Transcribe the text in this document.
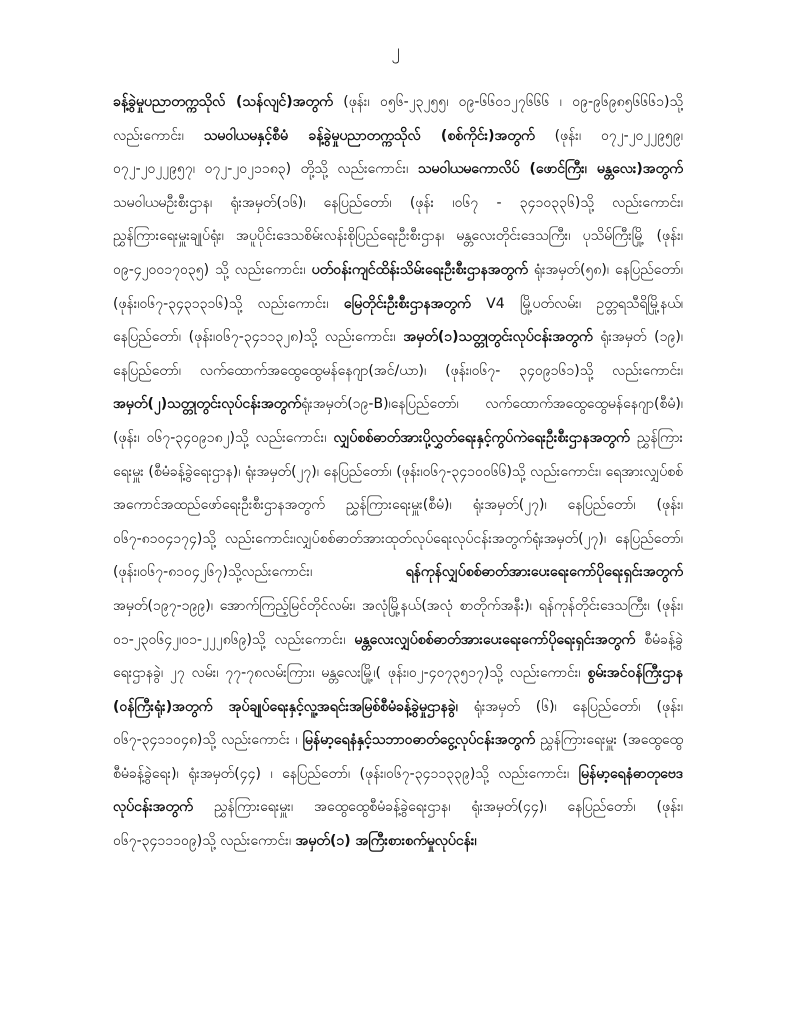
၂
ခန့်ခွဲမှုပညာတက္ကသိုလ် (သန်လျင်)အတွက် (ဖုန်း၊ ၀၅၆-၂၃၂၅၅၊ ၀၉-၆၆၀၁၂၇၆၆၆ ၊ ၀၉-၉၆၉၈၅၆၆၆၁)သို့ လည်းကောင်း၊ သမဝါယမနှင့်စီမံ ခန့်ခွဲမှုပညာတက္ကသိုလ် (စစ်ကိုင်း)အတွက် (ဖုန်း၊ ၀၇၂-၂၀၂၂၉၅၉၊ ၀၇၂-၂၀၂၂၉၅၇၊ ၀၇၂-၂၀၂၁၁၈၃) တို့သို့ လည်းကောင်း၊ သမဝါယမကောလိပ် (ဖောင်ကြီး၊ မန္တလေး)အတွက် သမဝါယမဦးစီးဌာန၊ ရုံးအမှတ်(၁၆)၊ နေပြည်တော်၊ (ဖုန်း ၊၀၆၇ - ၃၄၁၀၃၃၆)သို့ လည်းကောင်း၊ ညွှန်ကြားရေးမှူးချုပ်ရုံး၊ အပူပိုင်းဒေသစိမ်းလန်းစိုပြည်ရေးဦးစီးဌာန၊ မန္တလေးတိုင်းဒေသကြီး၊ ပုသိမ်ကြီးမြို့ (ဖုန်း၊ ၀၉-၄၂၀၀၁၇၀၃၅) သို့ လည်းကောင်း၊ ပတ်ဝန်းကျင်ထိန်းသိမ်းရေးဦးစီးဌာနအတွက် ရုံးအမှတ်(၅၈)၊ နေပြည်တော်၊ (ဖုန်း၊၀၆၇-၃၄၃၁၃၁၆)သို့ လည်းကောင်း၊ မြေတိုင်းဦးစီးဌာနအတွက် V4 မြို့ပတ်လမ်း၊ ဥတ္တရသီရိမြို့နယ်၊ နေပြည်တော်၊ (ဖုန်း၊၀၆၇-၃၄၁၁၃၂၈)သို့ လည်းကောင်း၊ အမှတ်(၁)သတ္တုတွင်းလုပ်ငန်းအတွက် ရုံးအမှတ် (၁၉)၊ နေပြည်တော်၊ လက်ထောက်အထွေထွေမန်နေဂျာ(အင်/ယာ)၊ (ဖုန်း၊၀၆၇- ၃၄၀၉၁၆၁)သို့ လည်းကောင်း၊ အမှတ်(၂)သတ္တုတွင်းလုပ်ငန်းအတွက်ရုံးအမှတ်(၁၉-B)၊နေပြည်တော်၊ လက်ထောက်အထွေထွေမန်နေဂျာ(စီမံ)၊ (ဖုန်း၊ ၀၆၇-၃၄၀၉၁၈၂)သို့ လည်းကောင်း၊ လျှပ်စစ်ဓာတ်အားပို့လွှတ်ရေးနှင့်ကွပ်ကဲရေးဦးစီးဌာနအတွက် ညွှန်ကြားရေးမှူး (စီမံခန့်ခွဲရေးဌာန)၊ ရုံးအမှတ်(၂၇)၊ နေပြည်တော်၊ (ဖုန်း၊၀၆၇-၃၄၁၀၀၆၆)သို့ လည်းကောင်း၊ ရေအားလျှပ်စစ်အကောင်အထည်ဖော်ရေးဦးစီးဌာနအတွက် ညွှန်ကြားရေးမှူး(စီမံ)၊ ရုံးအမှတ်(၂၇)၊ နေပြည်တော်၊ (ဖုန်း၊၀၆၇-၈၁၀၄၁၇၄)သို့ လည်းကောင်း၊လျှပ်စစ်ဓာတ်အားထုတ်လုပ်ရေးလုပ်ငန်းအတွက်ရုံးအမှတ်(၂၇)၊ နေပြည်တော်၊ (ဖုန်း၊၀၆၇-၈၁၀၄၂၆၇)သို့လည်းကောင်း၊ ရန်ကုန်လျှပ်စစ်ဓာတ်အားပေးရေးကော်ပိုရေးရှင်းအတွက် အမှတ်(၁၉၇-၁၉၉)၊ အောက်ကြည့်မြင်တိုင်လမ်း၊ အလုံမြို့နယ်(အလုံ စာတိုက်အနီး)၊ ရန်ကုန်တိုင်းဒေသကြီး၊ (ဖုန်း၊၀၁-၂၃၀၆၄၂၊၀၁-၂၂၂၈၆၉)သို့ လည်းကောင်း၊ မန္တလေးလျှပ်စစ်ဓာတ်အားပေးရေးကော်ပိုရေးရှင်းအတွက် စီမံခန့်ခွဲရေးဌာနခွဲ၊ ၂၇ လမ်း၊ ၇၇-၇၈လမ်းကြား၊ မန္တလေးမြို့၊( ဖုန်း၊၀၂-၄၀၇၃၅၁၇)သို့ လည်းကောင်း၊ စွမ်းအင်ဝန်ကြီးဌာန (ဝန်ကြီးရုံး)အတွက် အုပ်ချုပ်ရေးနှင့်လူ့အရင်းအမြစ်စီမံခန့်ခွဲမှုဌာနခွဲ၊ ရုံးအမှတ် (၆)၊ နေပြည်တော်၊ (ဖုန်း၊၀၆၇-၃၄၁၁၀၄၈)သို့ လည်းကောင်း ၊ မြန်မာ့ရေနံနှင့်သဘာဝဓာတ်ငွေ့လုပ်ငန်းအတွက် ညွှန်ကြားရေးမှူး (အထွေထွေစီမံခန့်ခွဲရေး)၊ ရုံးအမှတ်(၄၄) ၊ နေပြည်တော်၊ (ဖုန်း၊၀၆၇-၃၄၁၁၃၃၉)သို့ လည်းကောင်း၊ မြန်မာ့ရေနံဓာတုဗေဒလုပ်ငန်းအတွက် ညွှန်ကြားရေးမှူး၊ အထွေထွေစီမံခန့်ခွဲရေးဌာန၊ ရုံးအမှတ်(၄၄)၊ နေပြည်တော်၊ (ဖုန်း၊၀၆၇-၃၄၁၁၁၀၉)သို့ လည်းကောင်း၊ အမှတ်(၁) အကြီးစားစက်မှုလုပ်ငန်း၊
